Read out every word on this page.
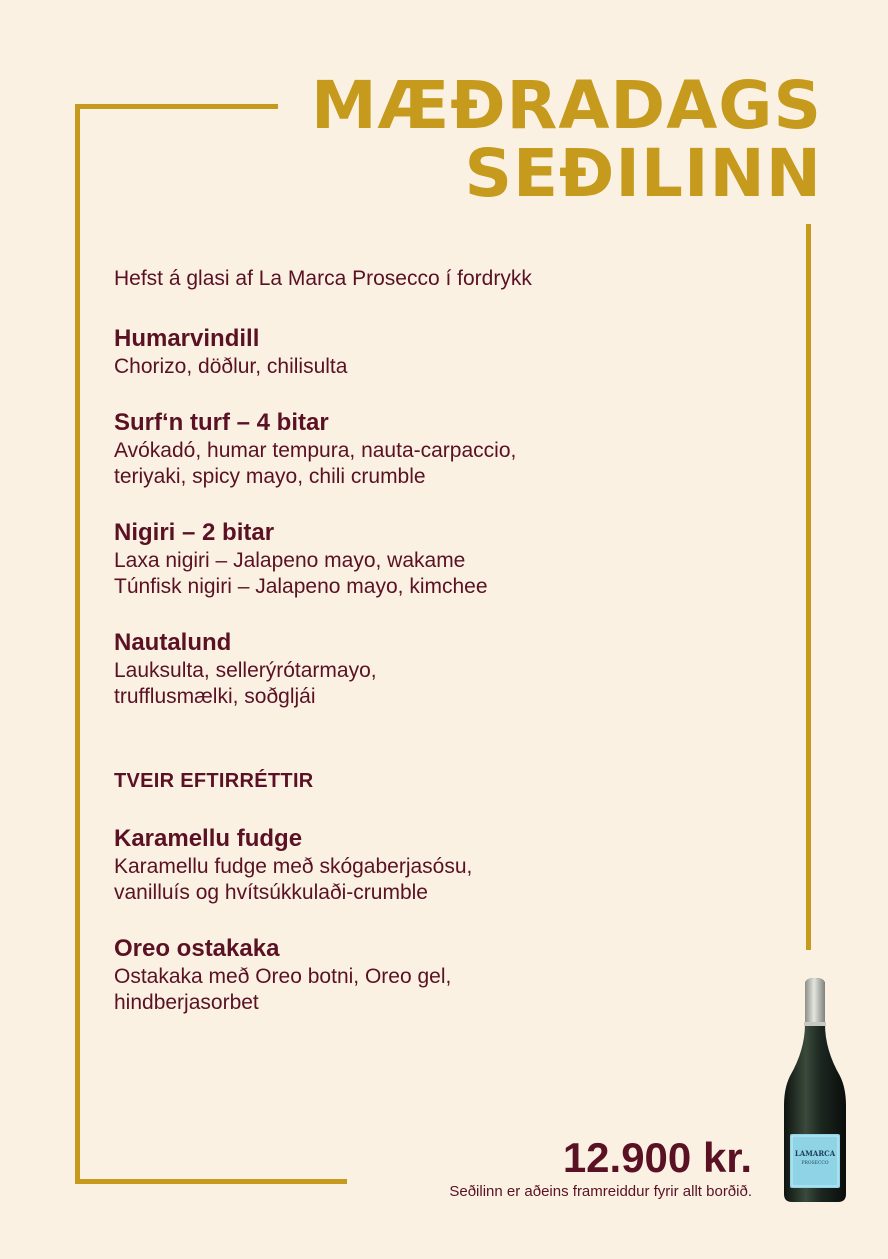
MÆÐRADAGS
SEÐILINN
Hefst á glasi af La Marca Prosecco í fordrykk
Humarvindill
Chorizo, döðlur, chilisulta
Surf‘n turf – 4 bitar
Avókadó, humar tempura, nauta-carpaccio,
teriyaki, spicy mayo, chili crumble
Nigiri – 2 bitar
Laxa nigiri – Jalapeno mayo, wakame
Túnfisk nigiri – Jalapeno mayo, kimchee
Nautalund
Lauksulta, sellerýrótarmayo,
trufflusmælki, soðgljái
TVEIR EFTIRRÉTTIR
Karamellu fudge
Karamellu fudge með skógaberjasósu,
vanilluís og hvítsúkkulaði-crumble
Oreo ostakaka
Ostakaka með Oreo botni, Oreo gel,
hindberjasorbet
12.900 kr.
Seðilinn er aðeins framreiddur fyrir allt borðið.
LAMARCA
PROSECCO
